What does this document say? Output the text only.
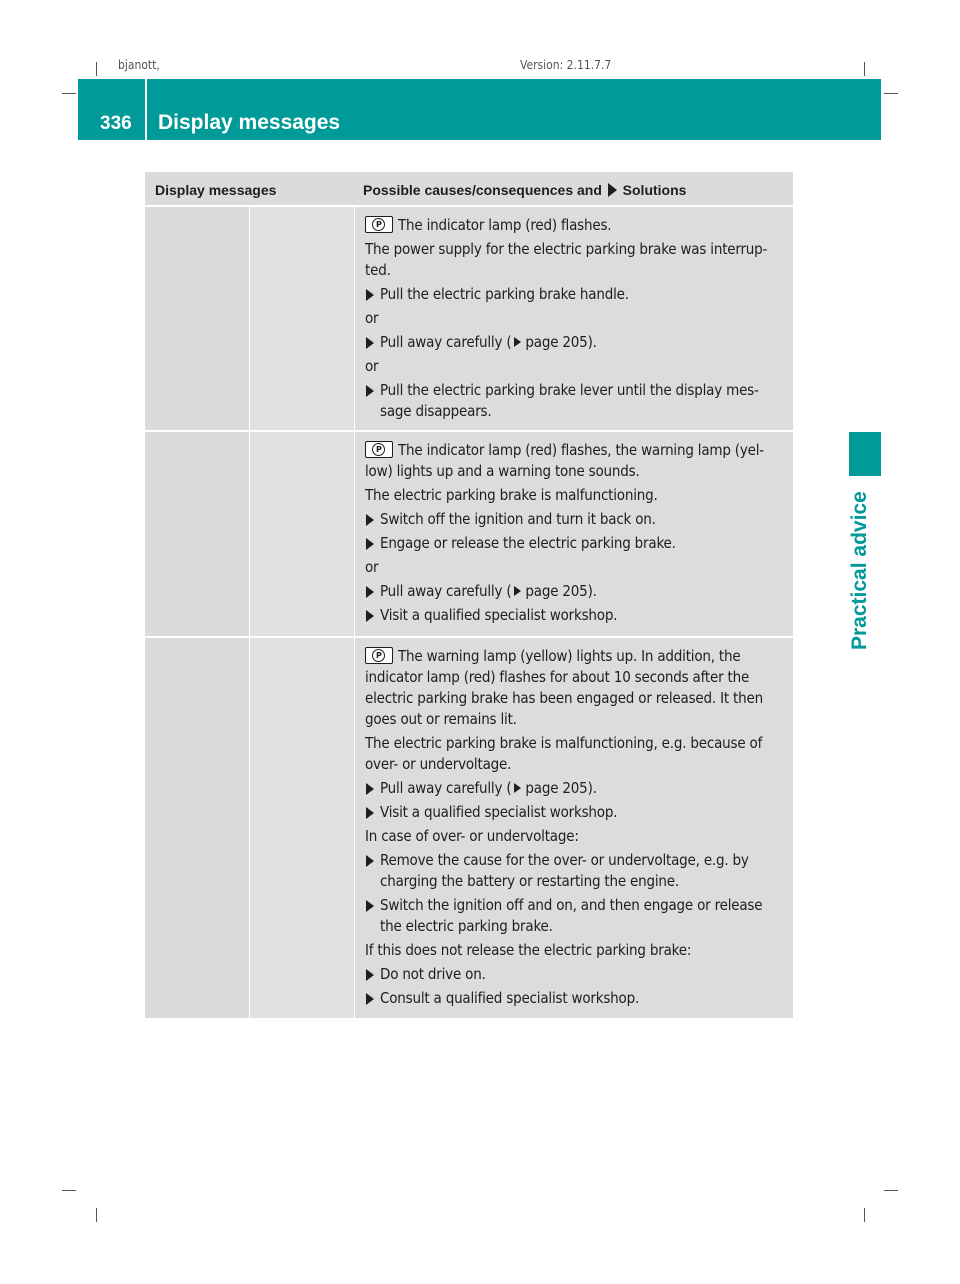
bjanott,	Version: 2.11.7.7
336 Display messages
Practical advice
Display messages	Possible causes/consequences and Solutions

P The indicator lamp (red) flashes.

The power supply for the electric parking brake was interrup-ted.

Pull the electric parking brake handle.

or

Pull away carefully ( page 205).

or

Pull the electric parking brake lever until the display mes-sage disappears.

P The indicator lamp (red) flashes, the warning lamp (yel-low) lights up and a warning tone sounds.

The electric parking brake is malfunctioning.

Switch off the ignition and turn it back on.

Engage or release the electric parking brake.

or

Pull away carefully ( page 205).

Visit a qualified specialist workshop.

P The warning lamp (yellow) lights up. In addition, the indicator lamp (red) flashes for about 10 seconds after the electric parking brake has been engaged or released. It then goes out or remains lit.

The electric parking brake is malfunctioning, e.g. because of over- or undervoltage.

Pull away carefully ( page 205).

Visit a qualified specialist workshop.

In case of over- or undervoltage:

Remove the cause for the over- or undervoltage, e.g. by charging the battery or restarting the engine.

Switch the ignition off and on, and then engage or release the electric parking brake.

If this does not release the electric parking brake:

Do not drive on.

Consult a qualified specialist workshop.
